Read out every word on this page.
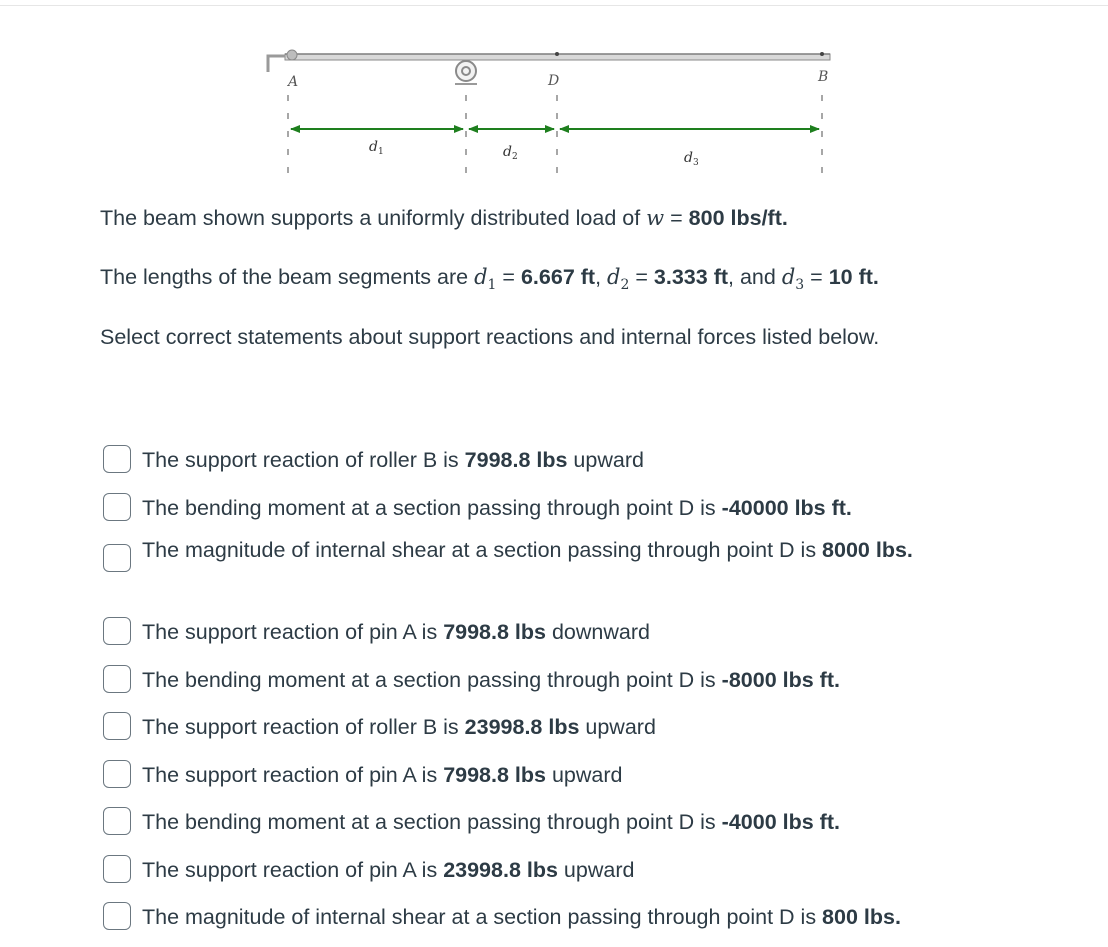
A	D	B
$d_1$	$d_2$	$d_3$
The beam shown supports a uniformly distributed load of w = 800 lbs/ft.
The lengths of the beam segments are $d_1 = 6.667$ ft, $d_2 = 3.333$ ft, and $d_3 = 10$ ft.
Select correct statements about support reactions and internal forces listed below.
The support reaction of roller B is 7998.8 lbs upward
The bending moment at a section passing through point D is -40000 lbs ft.
The magnitude of internal shear at a section passing through point D is 8000 lbs.
The support reaction of pin A is 7998.8 lbs downward
The bending moment at a section passing through point D is -8000 lbs ft.
The support reaction of roller B is 23998.8 lbs upward
The support reaction of pin A is 7998.8 lbs upward
The bending moment at a section passing through point D is -4000 lbs ft.
The support reaction of pin A is 23998.8 lbs upward
The magnitude of internal shear at a section passing through point D is 800 lbs.
